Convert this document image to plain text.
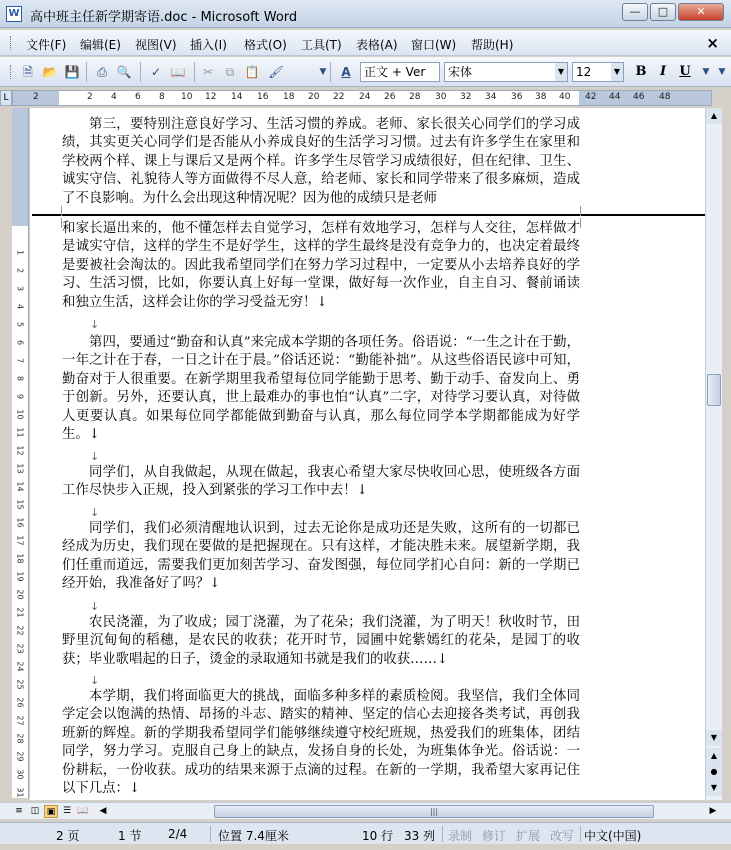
W 高中班主任新学期寄语.doc - Microsoft Word	—	□	✕
文件(F) 编辑(E) 视图(V) 插入(I) 格式(O) 工具(T) 表格(A) 窗口(W) 帮助(H)	×
🗎 📂 💾 ⎙ 🔍 ✓ 📖 ✂	⧉ 📋 🖌	▼	A	正文 + Ver	宋体	▼ 12	▼ B	I	U	▼	▼
L	2	2 4 6 8 10 12 14 16 18 20 22 24 26 28 30 32 34 36 38 40 42 44 46 48
1
2
3
4
5
6
7
8
9
10
11
12
13
14
15
16
17
18
19
20
21
22
23
24
25
26
27
28
29
30
31
第三，要特别注意良好学习、生活习惯的养成。老师、家长很关心同学们的学习成绩，其实更关心同学们是否能从小养成良好的生活学习习惯。过去有许多学生在家里和学校两个样、课上与课后又是两个样。许多学生尽管学习成绩很好，但在纪律、卫生、诚实守信、礼貌待人等方面做得不尽人意，给老师、家长和同学带来了很多麻烦，造成了不良影响。为什么会出现这种情况呢？因为他的成绩只是老师
和家长逼出来的，他不懂怎样去自觉学习，怎样有效地学习，怎样与人交往，怎样做才是诚实守信，这样的学生不是好学生，这样的学生最终是没有竞争力的，也决定着最终是要被社会淘汰的。因此我希望同学们在努力学习过程中，一定要从小去培养良好的学习、生活习惯，比如，你要认真上好每一堂课，做好每一次作业，自主自习、餐前诵读和独立生活，这样会让你的学习受益无穷！↓
↓
第四，要通过“勤奋和认真”来完成本学期的各项任务。俗语说：“一生之计在于勤，一年之计在于春，一日之计在于晨。”俗话还说：“勤能补拙”。从这些俗语民谚中可知，勤奋对于人很重要。在新学期里我希望每位同学能勤于思考、勤于动手、奋发向上、勇于创新。另外，还要认真，世上最难办的事也怕“认真”二字，对待学习要认真，对待做人更要认真。如果每位同学都能做到勤奋与认真，那么每位同学本学期都能成为好学生。↓
↓
同学们，从自我做起，从现在做起，我衷心希望大家尽快收回心思，使班级各方面工作尽快步入正规，投入到紧张的学习工作中去！↓
↓
同学们，我们必须清醒地认识到，过去无论你是成功还是失败，这所有的一切都已经成为历史，我们现在要做的是把握现在。只有这样，才能决胜未来。展望新学期，我们任重而道远，需要我们更加刻苦学习、奋发图强，每位同学扪心自问：新的一学期已经开始，我准备好了吗？↓
↓
农民浇灌，为了收成；园丁浇灌，为了花朵；我们浇灌，为了明天！秋收时节，田野里沉甸甸的稻穗，是农民的收获；花开时节，园圃中姹紫嫣红的花朵，是园丁的收获；毕业歌唱起的日子，烫金的录取通知书就是我们的收获……↓
↓
本学期，我们将面临更大的挑战，面临多种多样的素质检阅。我坚信，我们全体同学定会以饱满的热情、昂扬的斗志、踏实的精神、坚定的信心去迎接各类考试，再创我班新的辉煌。新的学期我希望同学们能够继续遵守校纪班规，热爱我们的班集体，团结同学，努力学习。克服自己身上的缺点，发扬自身的长处，为班集体争光。俗话说：一份耕耘，一份收获。成功的结果来源于点滴的过程。在新的一学期，我希望大家再记住以下几点：↓
▲
▼
▲
●
▼
≡ ◫ ▣ ☰ 📖	◀	|||	▶
2 页	1 节 2/4	位置 7.4厘米	10 行 33 列 录制 修订 扩展 改写 中文(中国)
